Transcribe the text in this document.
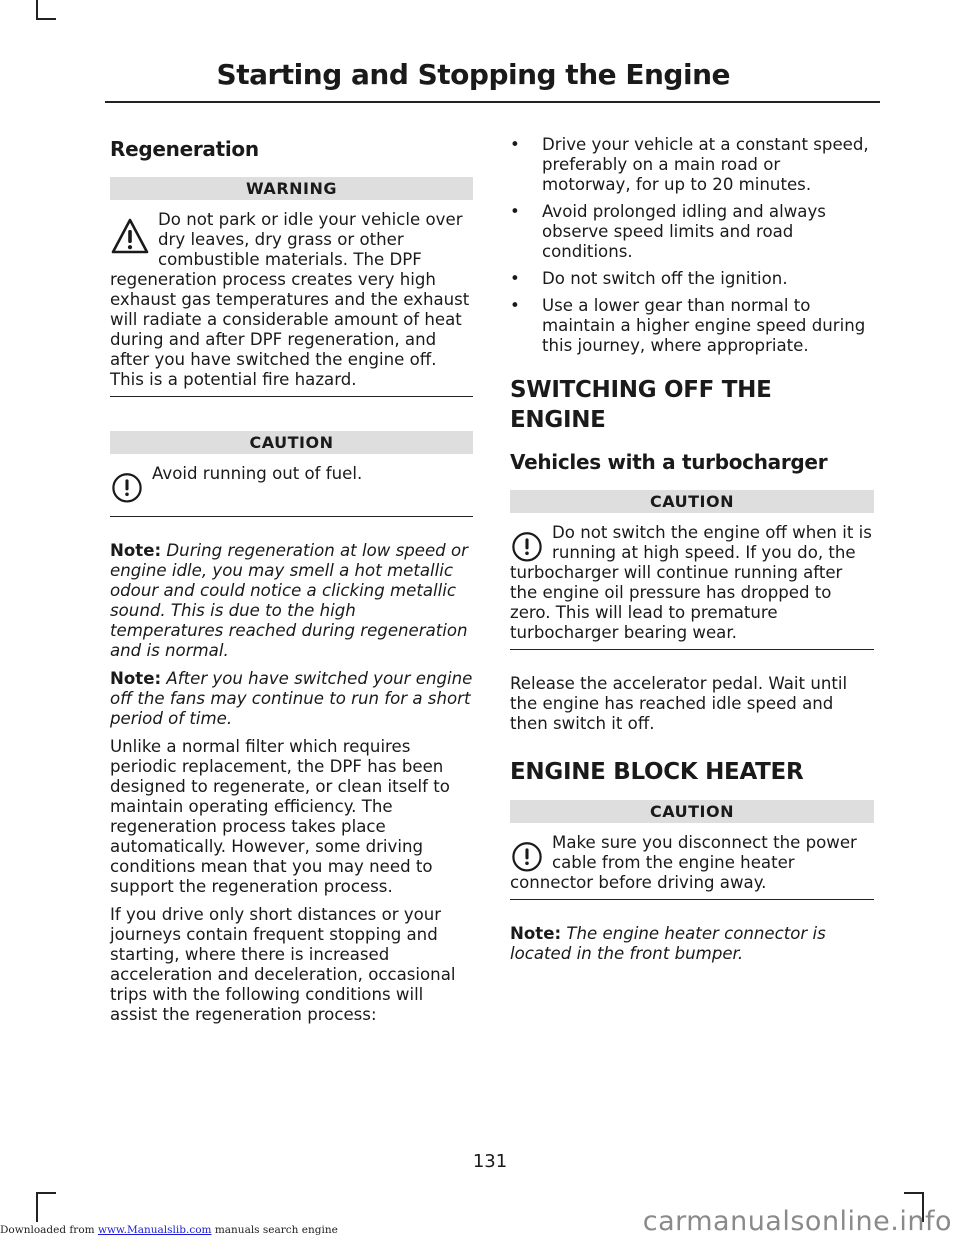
Starting and Stopping the Engine
Regeneration
WARNING
Do not park or idle your vehicle over dry leaves, dry grass or other combustible materials. The DPF regeneration process creates very high exhaust gas temperatures and the exhaust will radiate a considerable amount of heat during and after DPF regeneration, and after you have switched the engine off. This is a potential fire hazard.
CAUTION
Avoid running out of fuel.

Note: During regeneration at low speed or engine idle, you may smell a hot metallic odour and could notice a clicking metallic sound. This is due to the high temperatures reached during regeneration and is normal.

Note: After you have switched your engine off the fans may continue to run for a short period of time.

Unlike a normal filter which requires periodic replacement, the DPF has been designed to regenerate, or clean itself to maintain operating efficiency. The regeneration process takes place automatically. However, some driving conditions mean that you may need to support the regeneration process.

If you drive only short distances or your journeys contain frequent stopping and starting, where there is increased acceleration and deceleration, occasional trips with the following conditions will assist the regeneration process:

• Drive your vehicle at a constant speed, preferably on a main road or motorway, for up to 20 minutes.
• Avoid prolonged idling and always observe speed limits and road conditions.
• Do not switch off the ignition.
• Use a lower gear than normal to maintain a higher engine speed during this journey, where appropriate.
SWITCHING OFF THE ENGINE
Vehicles with a turbocharger
CAUTION
Do not switch the engine off when it is running at high speed. If you do, the turbocharger will continue running after the engine oil pressure has dropped to zero. This will lead to premature turbocharger bearing wear.

Release the accelerator pedal. Wait until the engine has reached idle speed and then switch it off.

ENGINE BLOCK HEATER
CAUTION
Make sure you disconnect the power cable from the engine heater connector before driving away.

Note: The engine heater connector is located in the front bumper.

131
Downloaded from www.Manualslib.com manuals search engine	carmanualsonline.info
